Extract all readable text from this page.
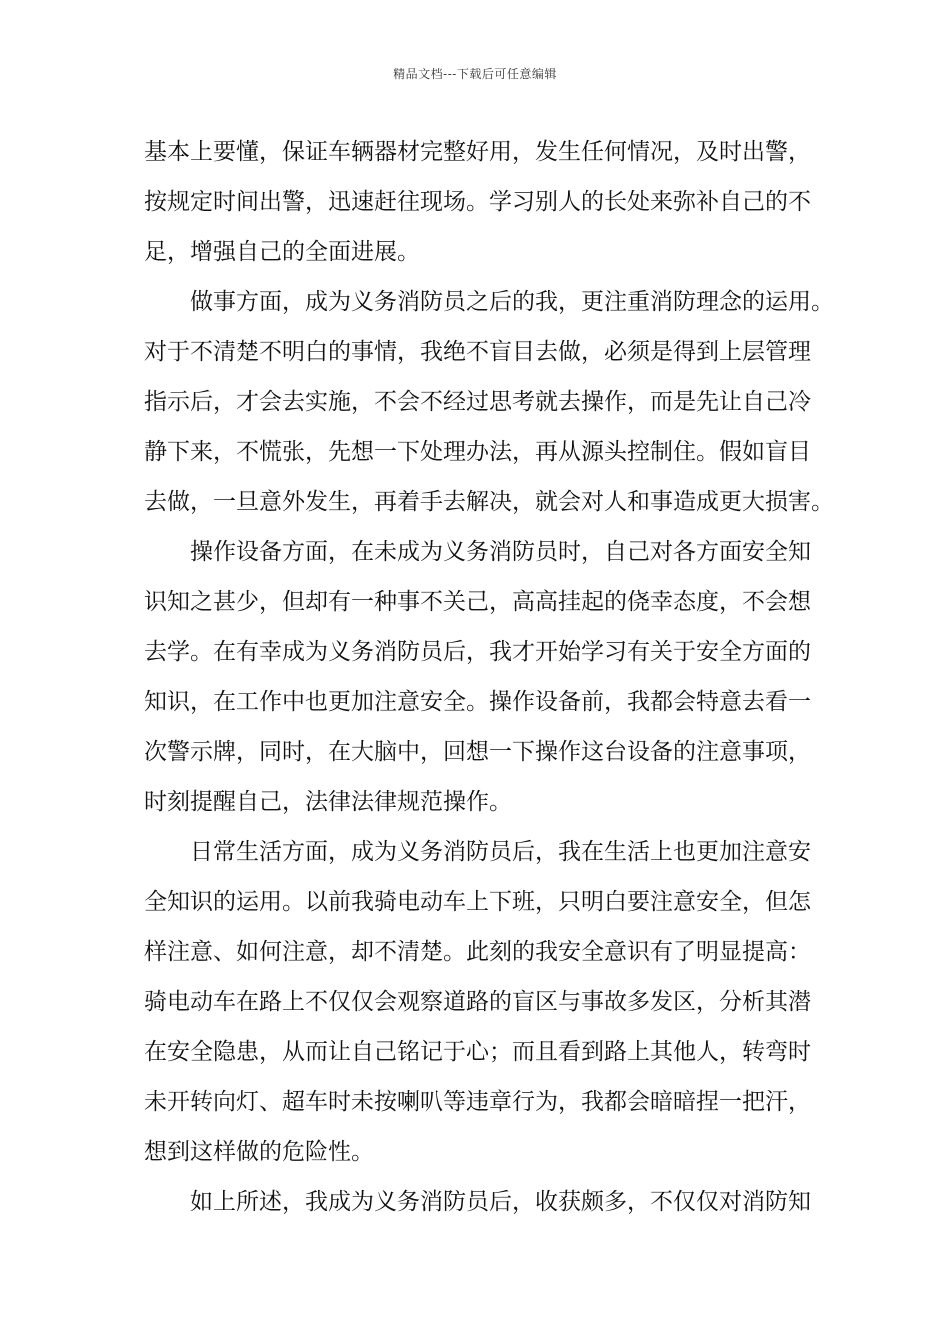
精品文档---下载后可任意编辑
基本上要懂，保证车辆器材完整好用，发生任何情况，及时出警，
按规定时间出警，迅速赶往现场。学习别人的长处来弥补自己的不
足，增强自己的全面进展。
做事方面，成为义务消防员之后的我，更注重消防理念的运用。
对于不清楚不明白的事情，我绝不盲目去做，必须是得到上层管理
指示后，才会去实施，不会不经过思考就去操作，而是先让自己冷
静下来，不慌张，先想一下处理办法，再从源头控制住。假如盲目
去做，一旦意外发生，再着手去解决，就会对人和事造成更大损害。
操作设备方面，在未成为义务消防员时，自己对各方面安全知
识知之甚少，但却有一种事不关己，高高挂起的侥幸态度，不会想
去学。在有幸成为义务消防员后，我才开始学习有关于安全方面的
知识，在工作中也更加注意安全。操作设备前，我都会特意去看一
次警示牌，同时，在大脑中，回想一下操作这台设备的注意事项，
时刻提醒自己，法律法律规范操作。
日常生活方面，成为义务消防员后，我在生活上也更加注意安
全知识的运用。以前我骑电动车上下班，只明白要注意安全，但怎
样注意、如何注意，却不清楚。此刻的我安全意识有了明显提高：
骑电动车在路上不仅仅会观察道路的盲区与事故多发区，分析其潜
在安全隐患，从而让自己铭记于心；而且看到路上其他人，转弯时
未开转向灯、超车时未按喇叭等违章行为，我都会暗暗捏一把汗，
想到这样做的危险性。
如上所述，我成为义务消防员后，收获颇多，不仅仅对消防知
